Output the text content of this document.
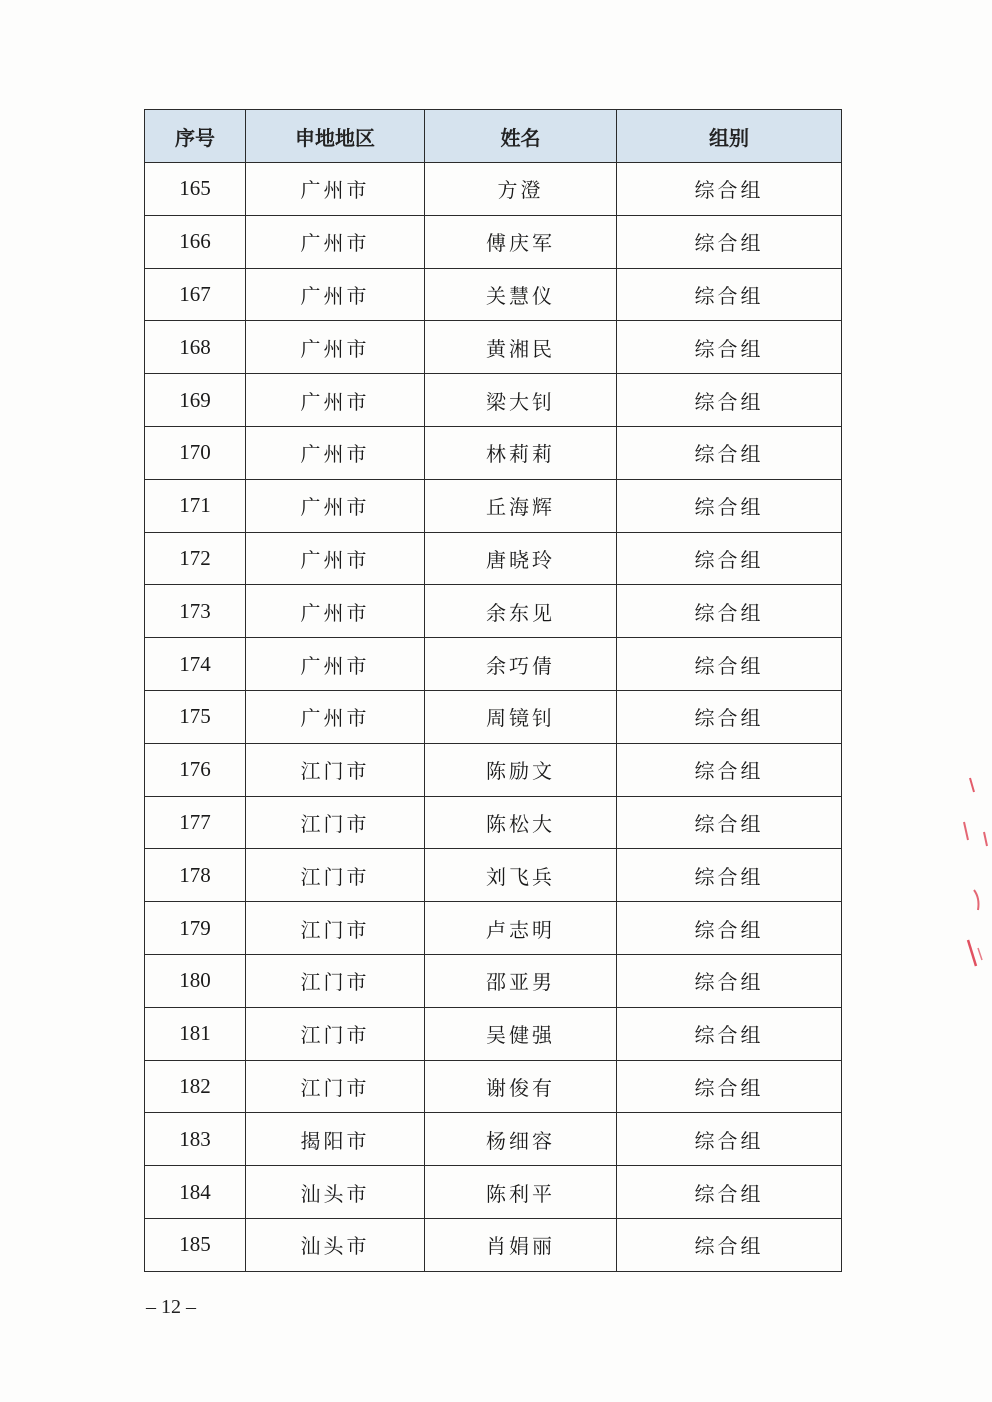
序号	申地地区	姓名	组别
165	广州市	方澄	综合组
166	广州市	傅庆军	综合组
167	广州市	关慧仪	综合组
168	广州市	黄湘民	综合组
169	广州市	梁大钊	综合组
170	广州市	林莉莉	综合组
171	广州市	丘海辉	综合组
172	广州市	唐晓玲	综合组
173	广州市	余东见	综合组
174	广州市	余巧倩	综合组
175	广州市	周镜钊	综合组
176	江门市	陈励文	综合组
177	江门市	陈松大	综合组
178	江门市	刘飞兵	综合组
179	江门市	卢志明	综合组
180	江门市	邵亚男	综合组
181	江门市	吴健强	综合组
182	江门市	谢俊有	综合组
183	揭阳市	杨细容	综合组
184	汕头市	陈利平	综合组
185	汕头市	肖娟丽	综合组
– 12 –
